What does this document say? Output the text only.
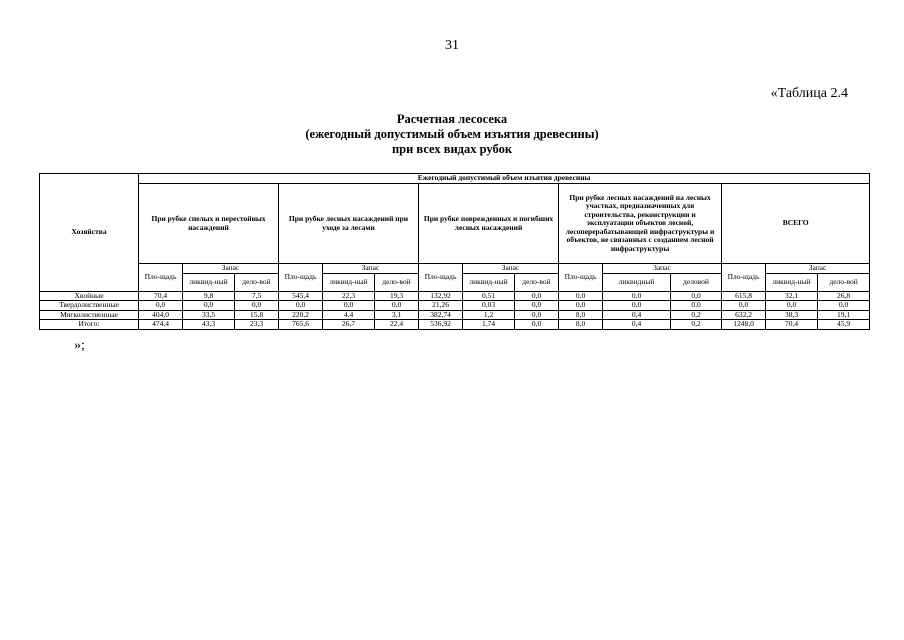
31
«Таблица 2.4
Расчетная лесосека
(ежегодный допустимый объем изъятия древесины)
при всех видах рубок
Хозяйства	Ежегодный допустимый объем изъятия древесины														
	При рубке спелых и перестойных насаждений			При рубке лесных насаждений при уходе за лесами			При рубке поврежденных и погибших лесных насаждений			При рубке лесных насаждений на лесных участках, предназначенных для строительства, реконструкции и эксплуатации объектов лесной, лесоперерабатывающей инфраструктуры и объектов, не связанных с созданием лесной инфраструктуры			ВСЕГО		
	Пло-щадь	Запас		Пло-щадь	Запас		Пло-щадь	Запас		Пло-щадь	Запас		Пло-щадь	Запас	
		ликвид-ный	дело-вой		ликвид-ный	дело-вой		ликвид-ный	дело-вой		ликвидный	деловой		ликвид-ный	дело-вой
Хвойные	70,4	9,8	7,5	545,4	22,3	19,3	132,92	0,51	0,0	0,0	0,0	0,0	615,8	32,1	26,8
Твердолиственные	0,0	0,0	0,0	0,0	0,0	0,0	21,26	0,03	0,0	0,0	0,0	0,0	0,0	0,0	0,0
Мягколиственные	404,0	33,5	15,8	220,2	4,4	3,1	382,74	1,2	0,0	8,0	0,4	0,2	632,2	38,3	19,1
Итого:	474,4	43,3	23,3	765,6	26,7	22,4	536,92	1,74	0,0	8,0	0,4	0,2	1248,0	70,4	45,9
»;
